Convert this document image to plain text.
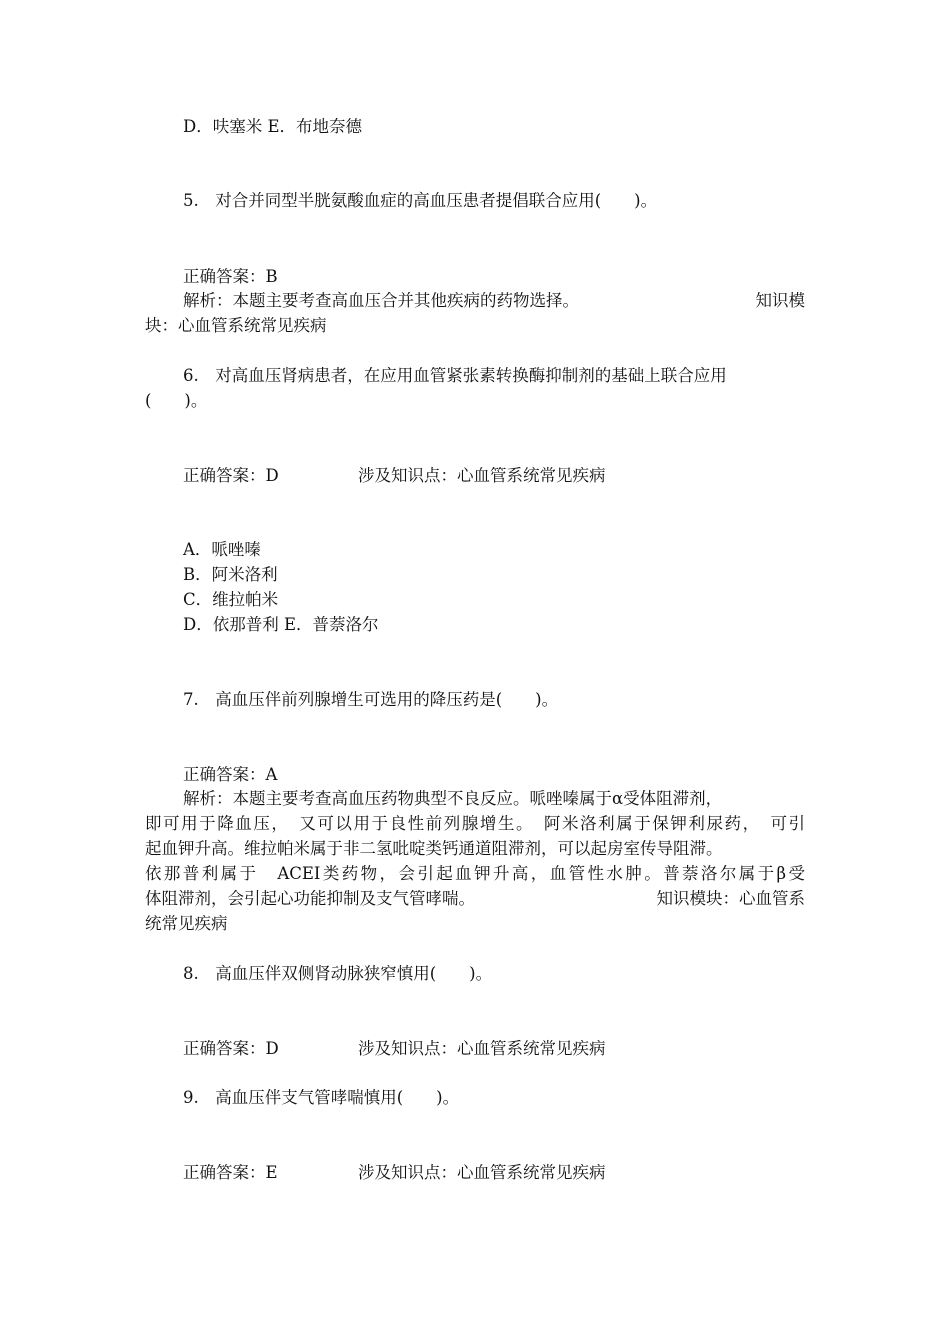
D．呋塞米 E．布地奈德
5.　对合并同型半胱氨酸血症的高血压患者提倡联合应用(　　)。
正确答案：B
解析：本题主要考查高血压合并其他疾病的药物选择。	知识模
块：心血管系统常见疾病
6.　对高血压肾病患者，在应用血管紧张素转换酶抑制剂的基础上联合应用
(　　)。
正确答案：D	涉及知识点：心血管系统常见疾病
A．哌唑嗪
B．阿米洛利
C．维拉帕米
D．依那普利 E．普萘洛尔
7.　高血压伴前列腺增生可选用的降压药是(　　)。
正确答案：A
解析：本题主要考查高血压药物典型不良反应。哌唑嗪属于α受体阻滞剂，
即可用于降血压，　又可以用于良性前列腺增生。　阿米洛利属于保钾利尿药，　可引
起血钾升高。维拉帕米属于非二氢吡啶类钙通道阻滞剂，可以起房室传导阻滞。
依那普利属于　ACEI类药物，会引起血钾升高，血管性水肿。普萘洛尔属于β受
体阻滞剂，会引起心功能抑制及支气管哮喘。	知识模块：心血管系
统常见疾病
8.　高血压伴双侧肾动脉狭窄慎用(　　)。
正确答案：D	涉及知识点：心血管系统常见疾病
9.　高血压伴支气管哮喘慎用(　　)。
正确答案：E	涉及知识点：心血管系统常见疾病
